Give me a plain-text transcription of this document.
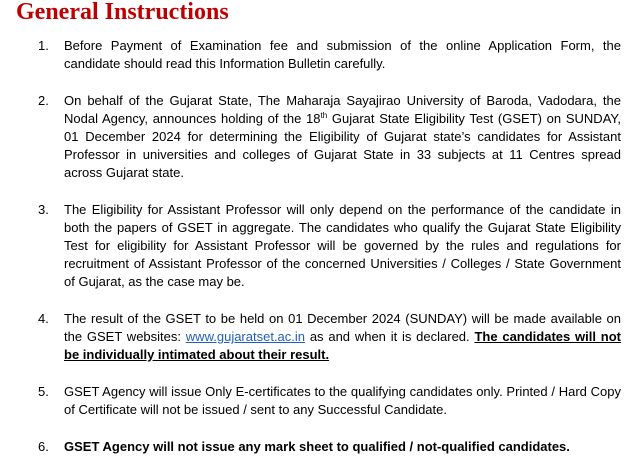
General Instructions
1. Before Payment of Examination fee and submission of the online Application Form, the candidate should read this Information Bulletin carefully.
2. On behalf of the Gujarat State, The Maharaja Sayajirao University of Baroda, Vadodara, the Nodal Agency, announces holding of the 18th Gujarat State Eligibility Test (GSET) on SUNDAY, 01 December 2024 for determining the Eligibility of Gujarat state’s candidates for Assistant Professor in universities and colleges of Gujarat State in 33 subjects at 11 Centres spread across Gujarat state.
3. The Eligibility for Assistant Professor will only depend on the performance of the candidate in both the papers of GSET in aggregate. The candidates who qualify the Gujarat State Eligibility Test for eligibility for Assistant Professor will be governed by the rules and regulations for recruitment of Assistant Professor of the concerned Universities / Colleges / State Government of Gujarat, as the case may be.
4. The result of the GSET to be held on 01 December 2024 (SUNDAY) will be made available on the GSET websites: www.gujaratset.ac.in as and when it is declared. The candidates will not be individually intimated about their result.
5. GSET Agency will issue Only E-certificates to the qualifying candidates only. Printed / Hard Copy of Certificate will not be issued / sent to any Successful Candidate.
6. GSET Agency will not issue any mark sheet to qualified / not-qualified candidates.
